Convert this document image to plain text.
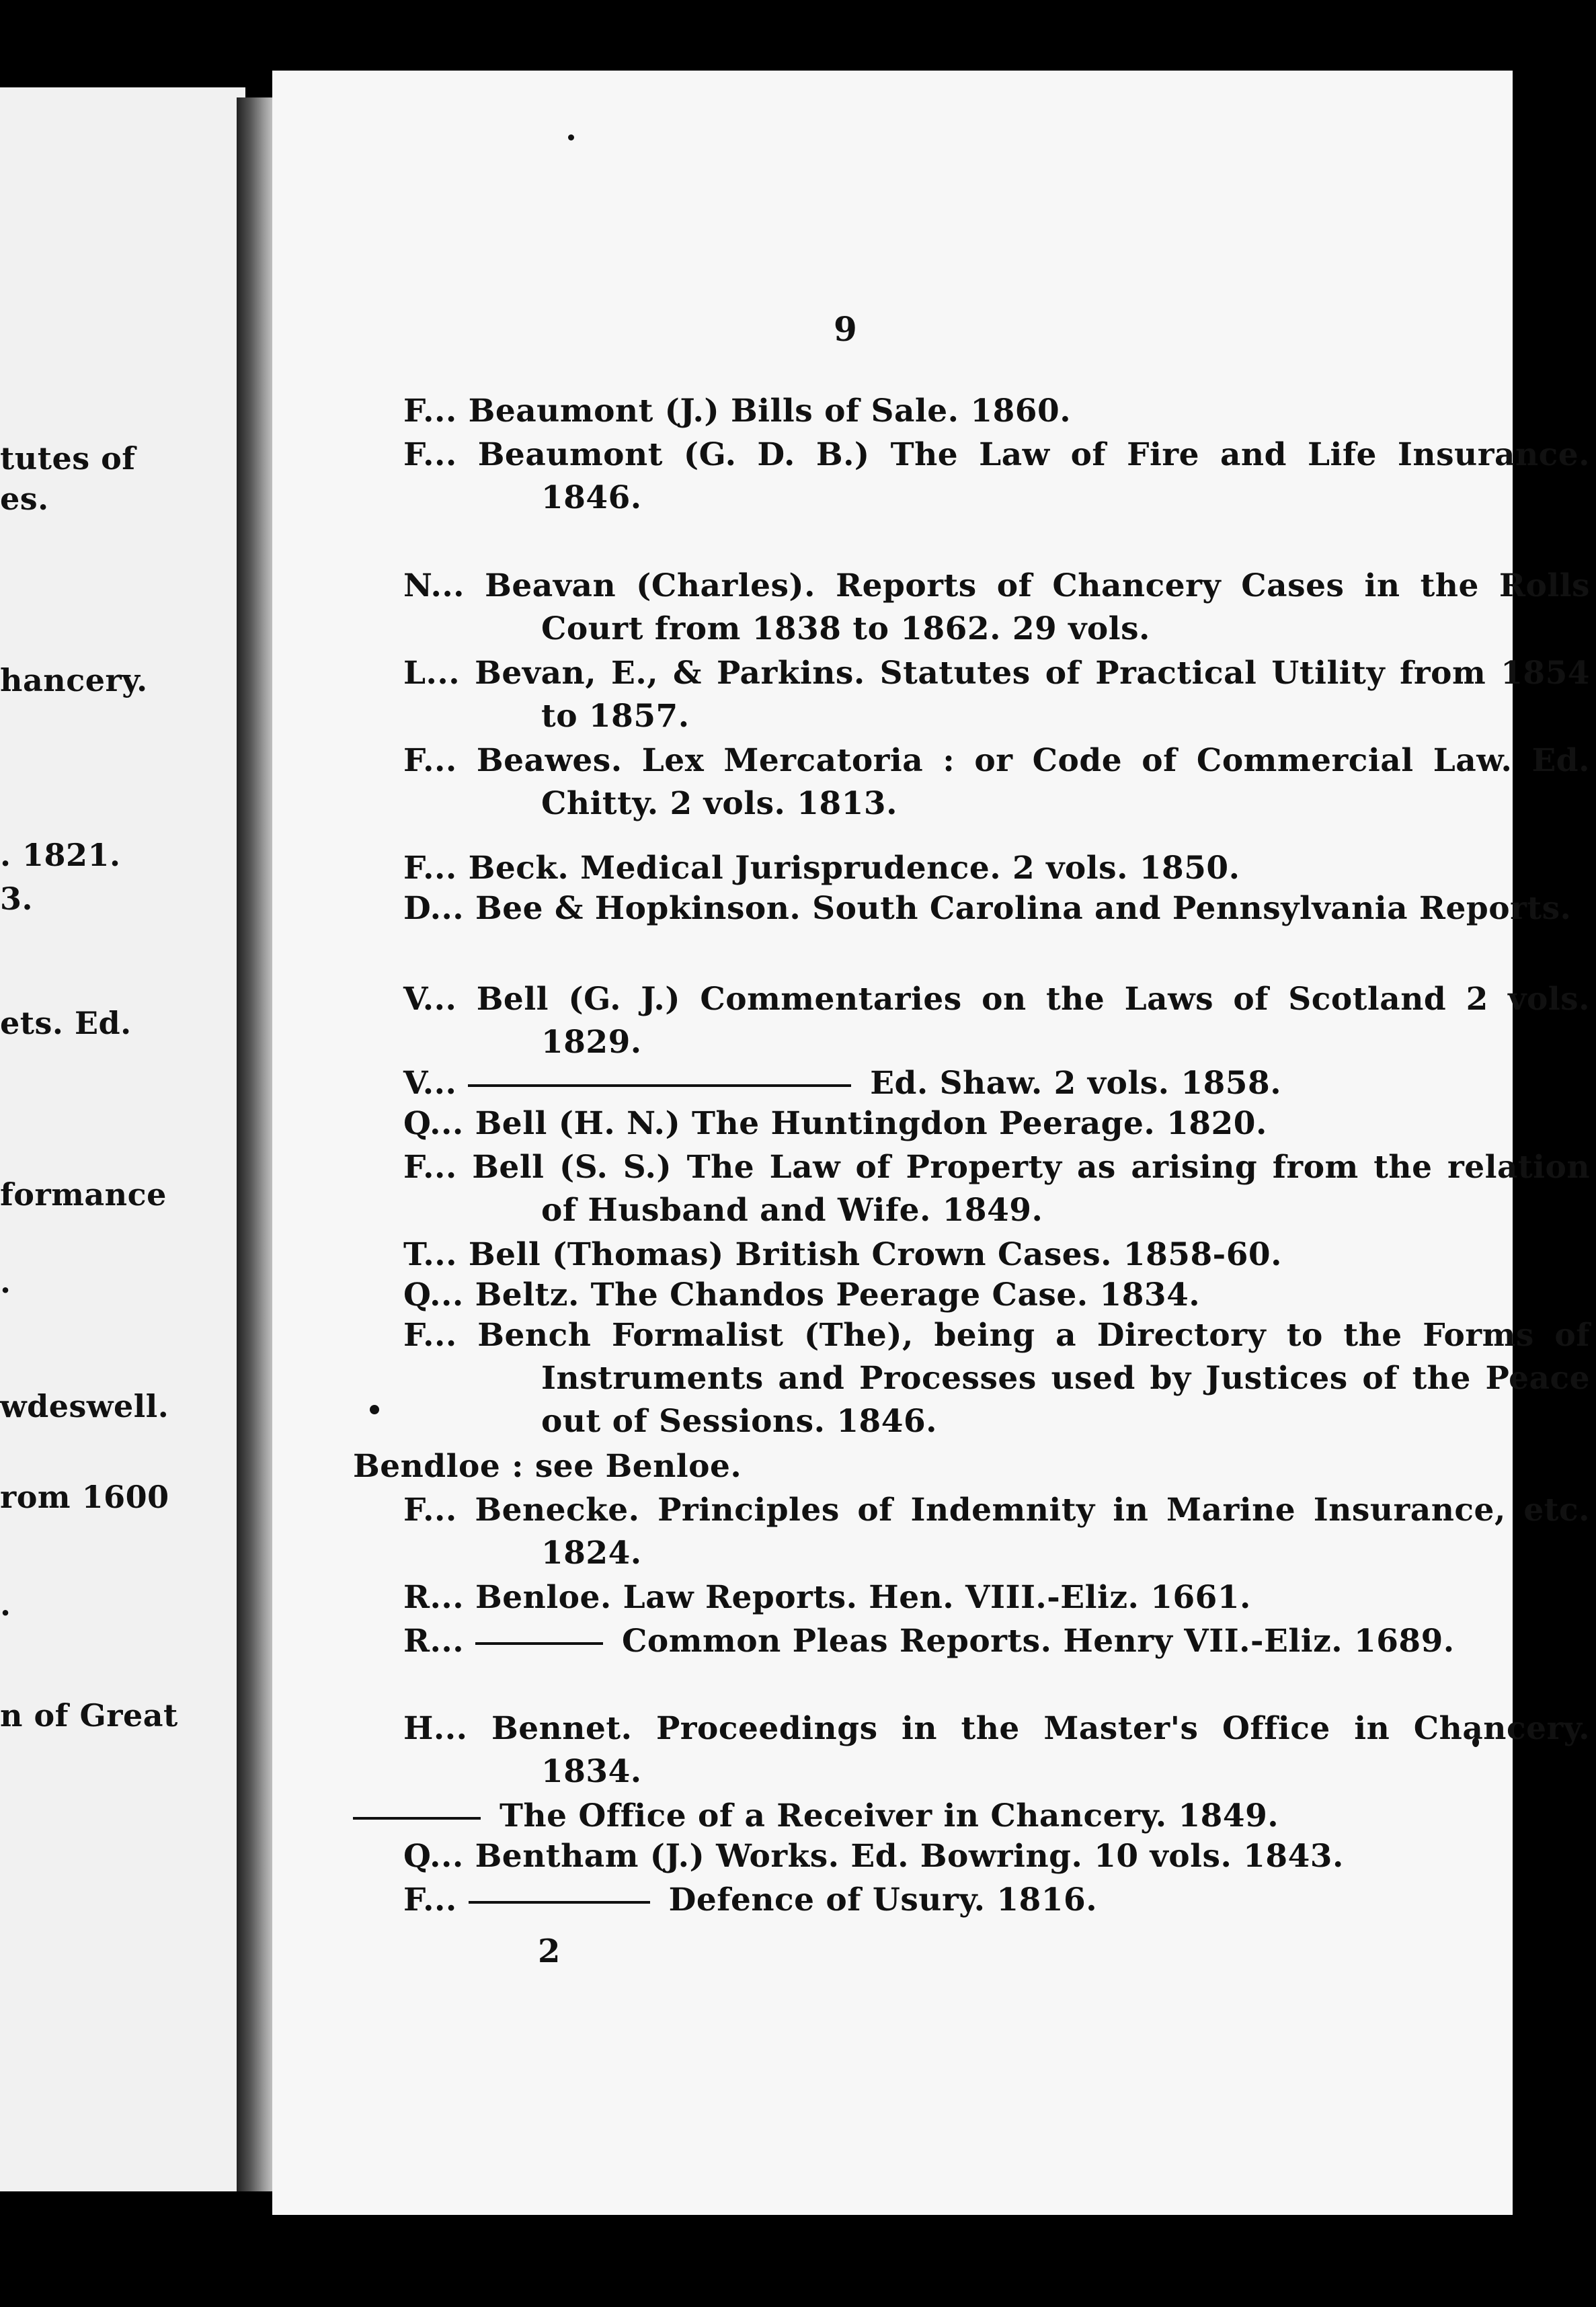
tutes of
es.
hancery.
. 1821.
3.
ets. Ed.
formance
.
wdeswell.
rom 1600
.
n of Great
9
F... Beaumont (J.) Bills of Sale. 1860.
F... Beaumont (G. D. B.) The Law of Fire and Life Insurance. 1846.
N... Beavan (Charles). Reports of Chancery Cases in the Rolls Court from 1838 to 1862. 29 vols.
L... Bevan, E., & Parkins. Statutes of Practical Utility from 1854 to 1857.
F... Beawes. Lex Mercatoria : or Code of Commercial Law. Ed. Chitty. 2 vols. 1813.
F... Beck. Medical Jurisprudence. 2 vols. 1850.
D... Bee & Hopkinson. South Carolina and Pennsylvania Reports.
V... Bell (G. J.) Commentaries on the Laws of Scotland 2 vols. 1829.
V...	Ed. Shaw. 2 vols. 1858.
Q... Bell (H. N.) The Huntingdon Peerage. 1820.
F... Bell (S. S.) The Law of Property as arising from the relation of Husband and Wife. 1849.
T... Bell (Thomas) British Crown Cases. 1858-60.
Q... Beltz. The Chandos Peerage Case. 1834.
F... Bench Formalist (The), being a Directory to the Forms of Instruments and Processes used by Justices of the Peace out of Sessions. 1846.
Bendloe : see Benloe.
F... Benecke. Principles of Indemnity in Marine Insurance, etc. 1824.
R... Benloe. Law Reports. Hen. VIII.-Eliz. 1661.
R...	Common Pleas Reports. Henry VII.-Eliz. 1689.
H... Bennet. Proceedings in the Master's Office in Chancery. 1834.
The Office of a Receiver in Chancery. 1849.
Q... Bentham (J.) Works. Ed. Bowring. 10 vols. 1843.
F...	Defence of Usury. 1816.
2
